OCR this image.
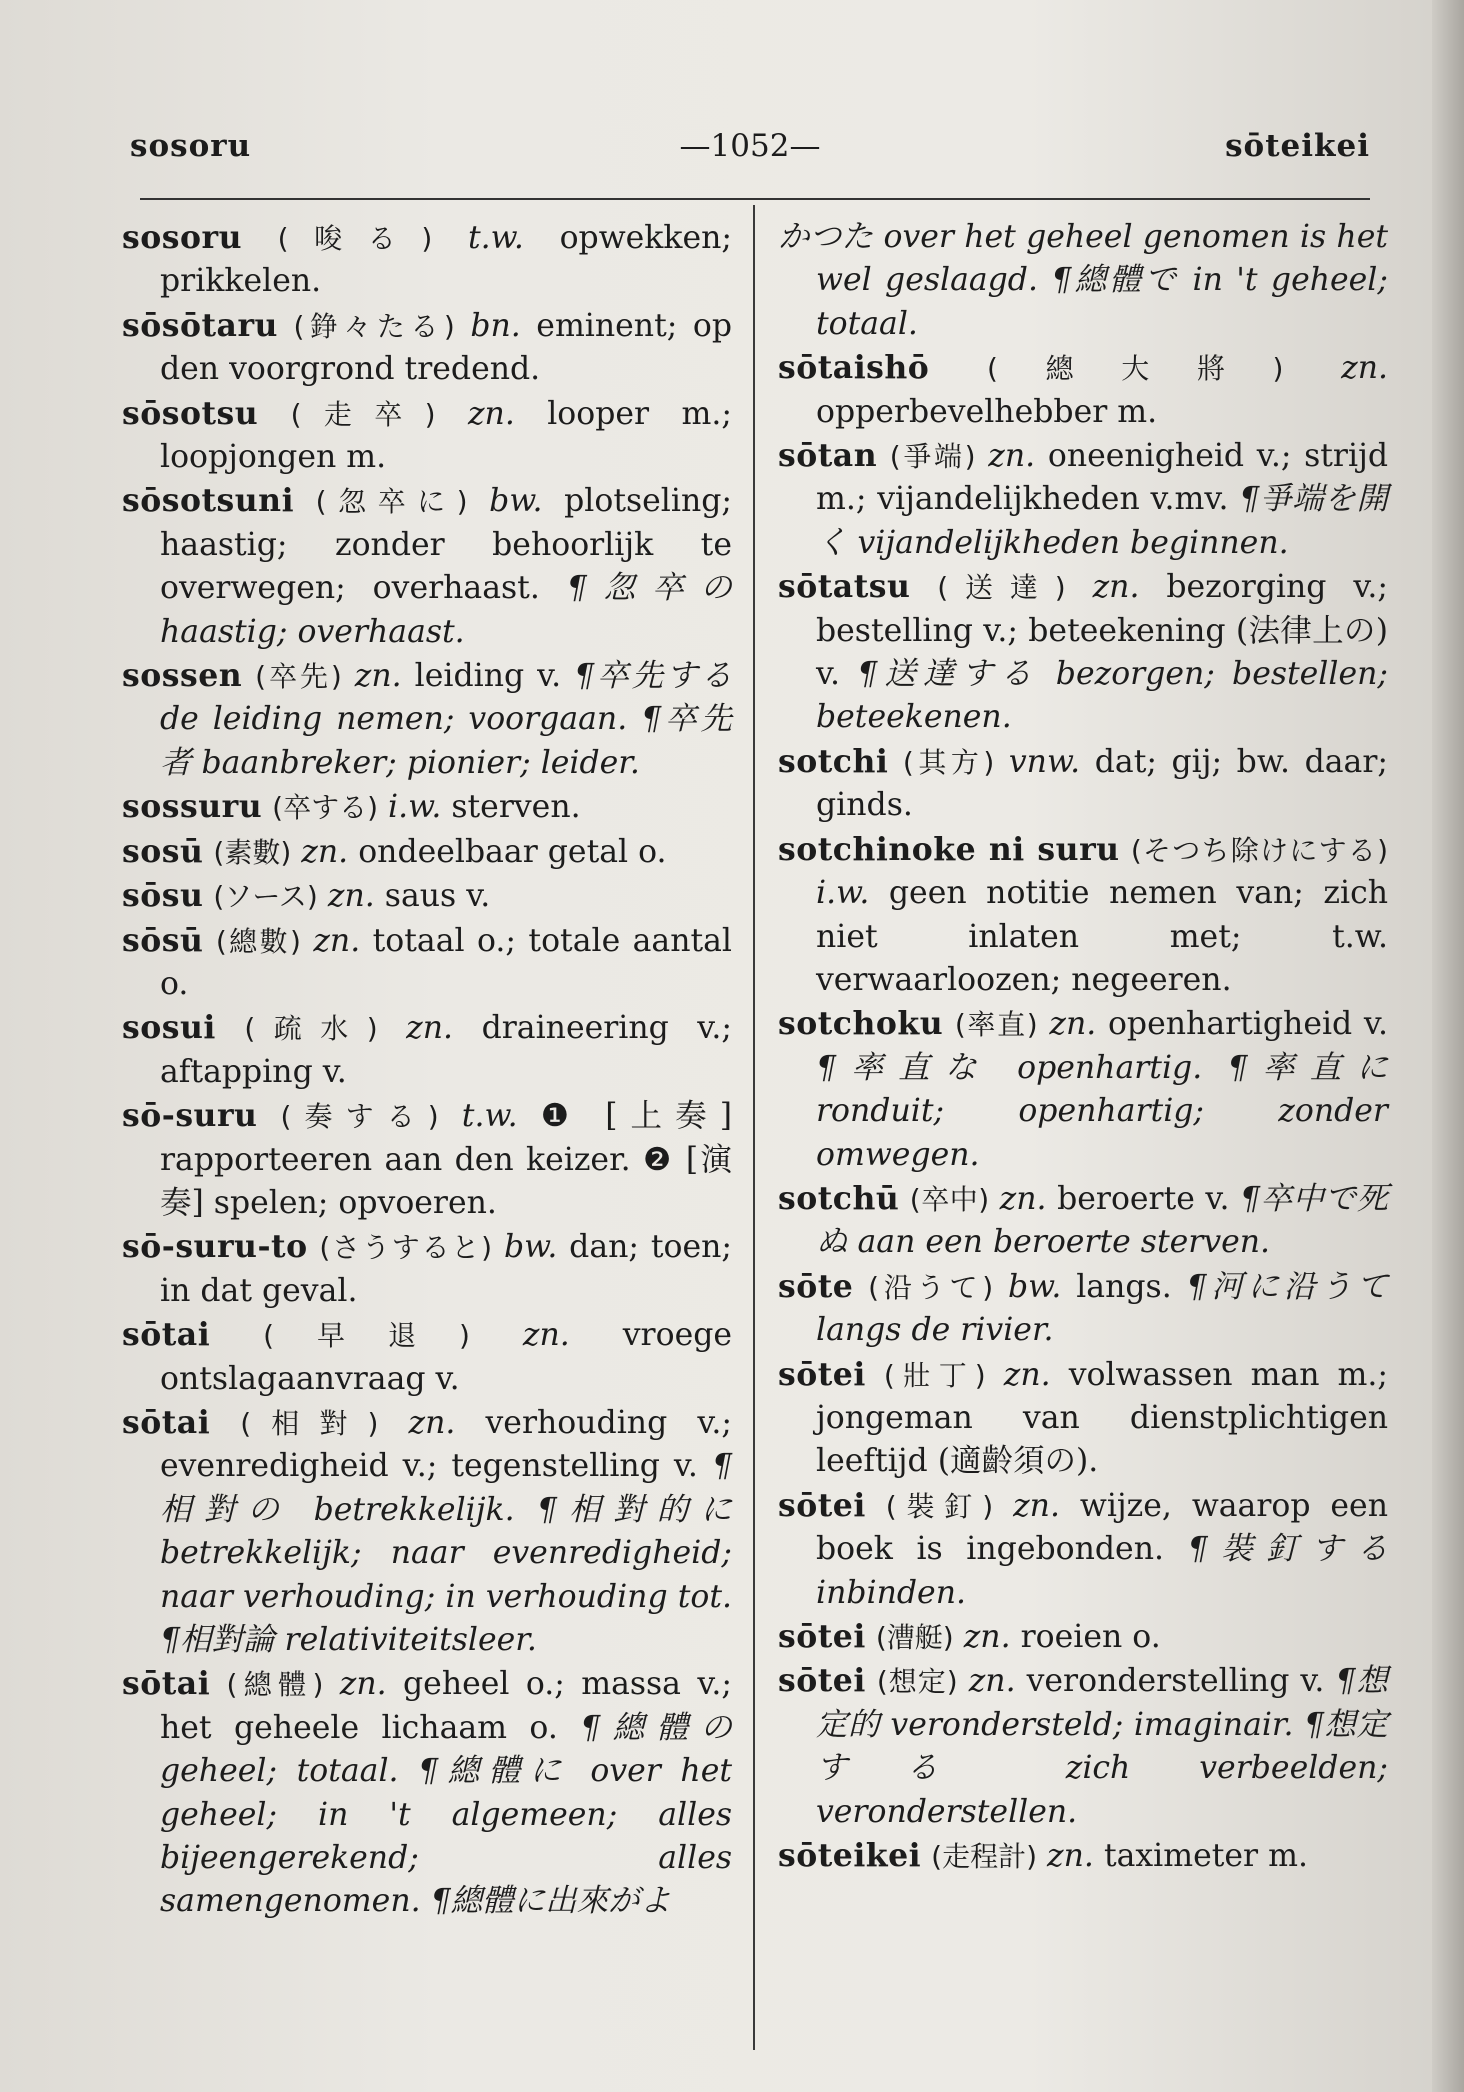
—1052—
sosoru	sōteikei

sosoru (唆る) t.w. opwekken; prikkelen.

sōsōtaru (錚々たる) bn. eminent; op den voorgrond tredend.

sōsotsu (走卒) zn. looper m.; loopjongen m.

sōsotsuni (忽卒に) bw. plotseling; haastig; zonder behoorlijk te overwegen; overhaast. ¶忽卒の haastig; overhaast.

sossen (卒先) zn. leiding v. ¶卒先する de leiding nemen; voorgaan. ¶卒先者 baanbreker; pionier; leider.

sossuru (卒する) i.w. sterven.

sosū (素數) zn. ondeelbaar getal o.

sōsu (ソース) zn. saus v.

sōsū (總數) zn. totaal o.; totale aantal o.

sosui (疏水) zn. draineering v.; aftapping v.

sō-suru (奏する) t.w. ❶ [上奏] rapporteeren aan den keizer. ❷ [演奏] spelen; opvoeren.

sō-suru-to (さうすると) bw. dan; toen; in dat geval.

sōtai (早退) zn. vroege ontslagaanvraag v.

sōtai (相對) zn. verhouding v.; evenredigheid v.; tegenstelling v. ¶相對の betrekkelijk. ¶相對的に betrekkelijk; naar evenredigheid; naar verhouding; in verhouding tot. ¶相對論 relativiteitsleer.

sōtai (總體) zn. geheel o.; massa v.; het geheele lichaam o. ¶總體の geheel; totaal. ¶總體に over het geheel; in 't algemeen; alles bijeengerekend; alles samengenomen. ¶總體に出來がよ

かつた over het geheel genomen is het wel geslaagd. ¶總體で in 't geheel; totaal.

sōtaishō (總大將) zn. opperbevelhebber m.

sōtan (爭端) zn. oneenigheid v.; strijd m.; vijandelijkheden v.mv. ¶爭端を開く vijandelijkheden beginnen.

sōtatsu (送達) zn. bezorging v.; bestelling v.; beteekening (法律上の) v. ¶送達する bezorgen; bestellen; beteekenen.

sotchi (其方) vnw. dat; gij; bw. daar; ginds.

sotchinoke ni suru (そつち除けにする) i.w. geen notitie nemen van; zich niet inlaten met; t.w. verwaarloozen; negeeren.

sotchoku (率直) zn. openhartigheid v. ¶率直な openhartig. ¶率直に ronduit; openhartig; zonder omwegen.

sotchū (卒中) zn. beroerte v. ¶卒中で死ぬ aan een beroerte sterven.

sōte (沿うて) bw. langs. ¶河に沿うて langs de rivier.

sōtei (壯丁) zn. volwassen man m.; jongeman van dienstplichtigen leeftijd (適齡須の).

sōtei (裝釘) zn. wijze, waarop een boek is ingebonden. ¶裝釘する inbinden.

sōtei (漕艇) zn. roeien o.

sōtei (想定) zn. veronderstelling v. ¶想定的 verondersteld; imaginair. ¶想定する zich verbeelden; veronderstellen.

sōteikei (走程計) zn. taximeter m.
